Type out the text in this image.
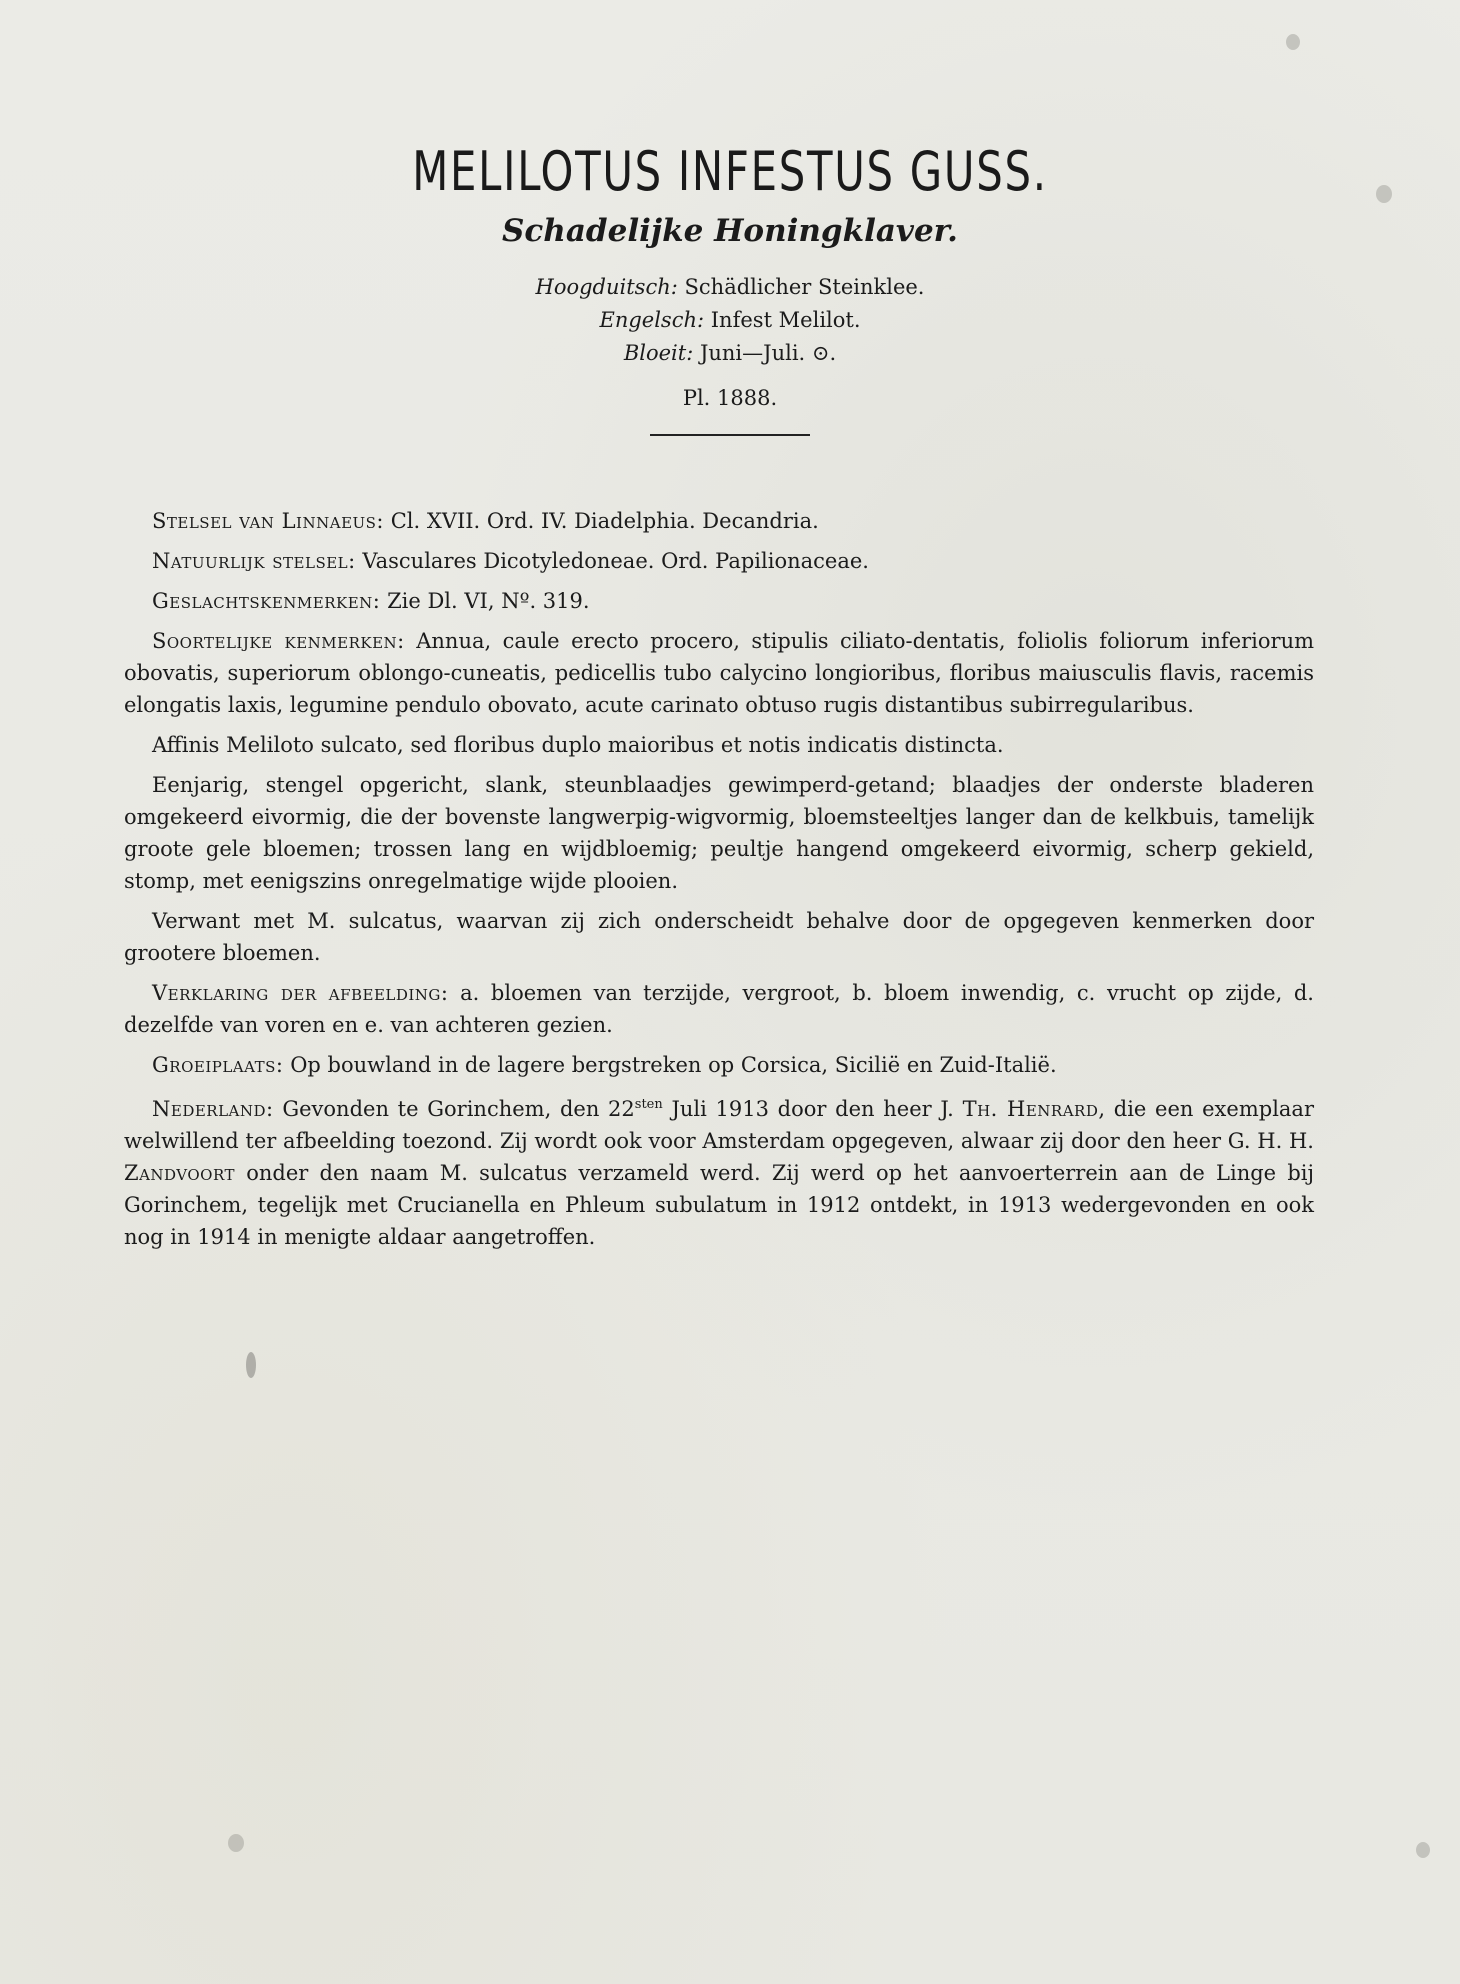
MELILOTUS INFESTUS GUSS.
Schadelijke Honingklaver.
Hoogduitsch: Schädlicher Steinklee.
Engelsch: Infest Melilot.
Bloeit: Juni—Juli. ⊙.
Pl. 1888.

Stelsel van Linnaeus: Cl. XVII. Ord. IV. Diadelphia. Decandria.

Natuurlijk stelsel: Vasculares Dicotyledoneae. Ord. Papilionaceae.

Geslachtskenmerken: Zie Dl. VI, Nº. 319.

Soortelijke kenmerken: Annua, caule erecto procero, stipulis ciliato-dentatis, foliolis foliorum inferiorum obovatis, superiorum oblongo-cuneatis, pedicellis tubo calycino longioribus, floribus maiusculis flavis, racemis elongatis laxis, legumine pendulo obovato, acute carinato obtuso rugis distantibus subirregularibus.

Affinis Meliloto sulcato, sed floribus duplo maioribus et notis indicatis distincta.

Eenjarig, stengel opgericht, slank, steunblaadjes gewimperd-getand; blaadjes der onderste bladeren omgekeerd eivormig, die der bovenste langwerpig-wigvormig, bloemsteeltjes langer dan de kelkbuis, tamelijk groote gele bloemen; trossen lang en wijdbloemig; peultje hangend omgekeerd eivormig, scherp gekield, stomp, met eenigszins onregelmatige wijde plooien.

Verwant met M. sulcatus, waarvan zij zich onderscheidt behalve door de opgegeven kenmerken door grootere bloemen.

Verklaring der afbeelding: a. bloemen van terzijde, vergroot, b. bloem inwendig, c. vrucht op zijde, d. dezelfde van voren en e. van achteren gezien.

Groeiplaats: Op bouwland in de lagere bergstreken op Corsica, Sicilië en Zuid-Italië.

Nederland: Gevonden te Gorinchem, den $22^{sten}$ Juli 1913 door den heer J. Th. Henrard, die een exemplaar welwillend ter afbeelding toezond. Zij wordt ook voor Amsterdam opgegeven, alwaar zij door den heer G. H. H. Zandvoort onder den naam M. sulcatus verzameld werd. Zij werd op het aanvoerterrein aan de Linge bij Gorinchem, tegelijk met Crucianella en Phleum subulatum in 1912 ontdekt, in 1913 wedergevonden en ook nog in 1914 in menigte aldaar aangetroffen.
